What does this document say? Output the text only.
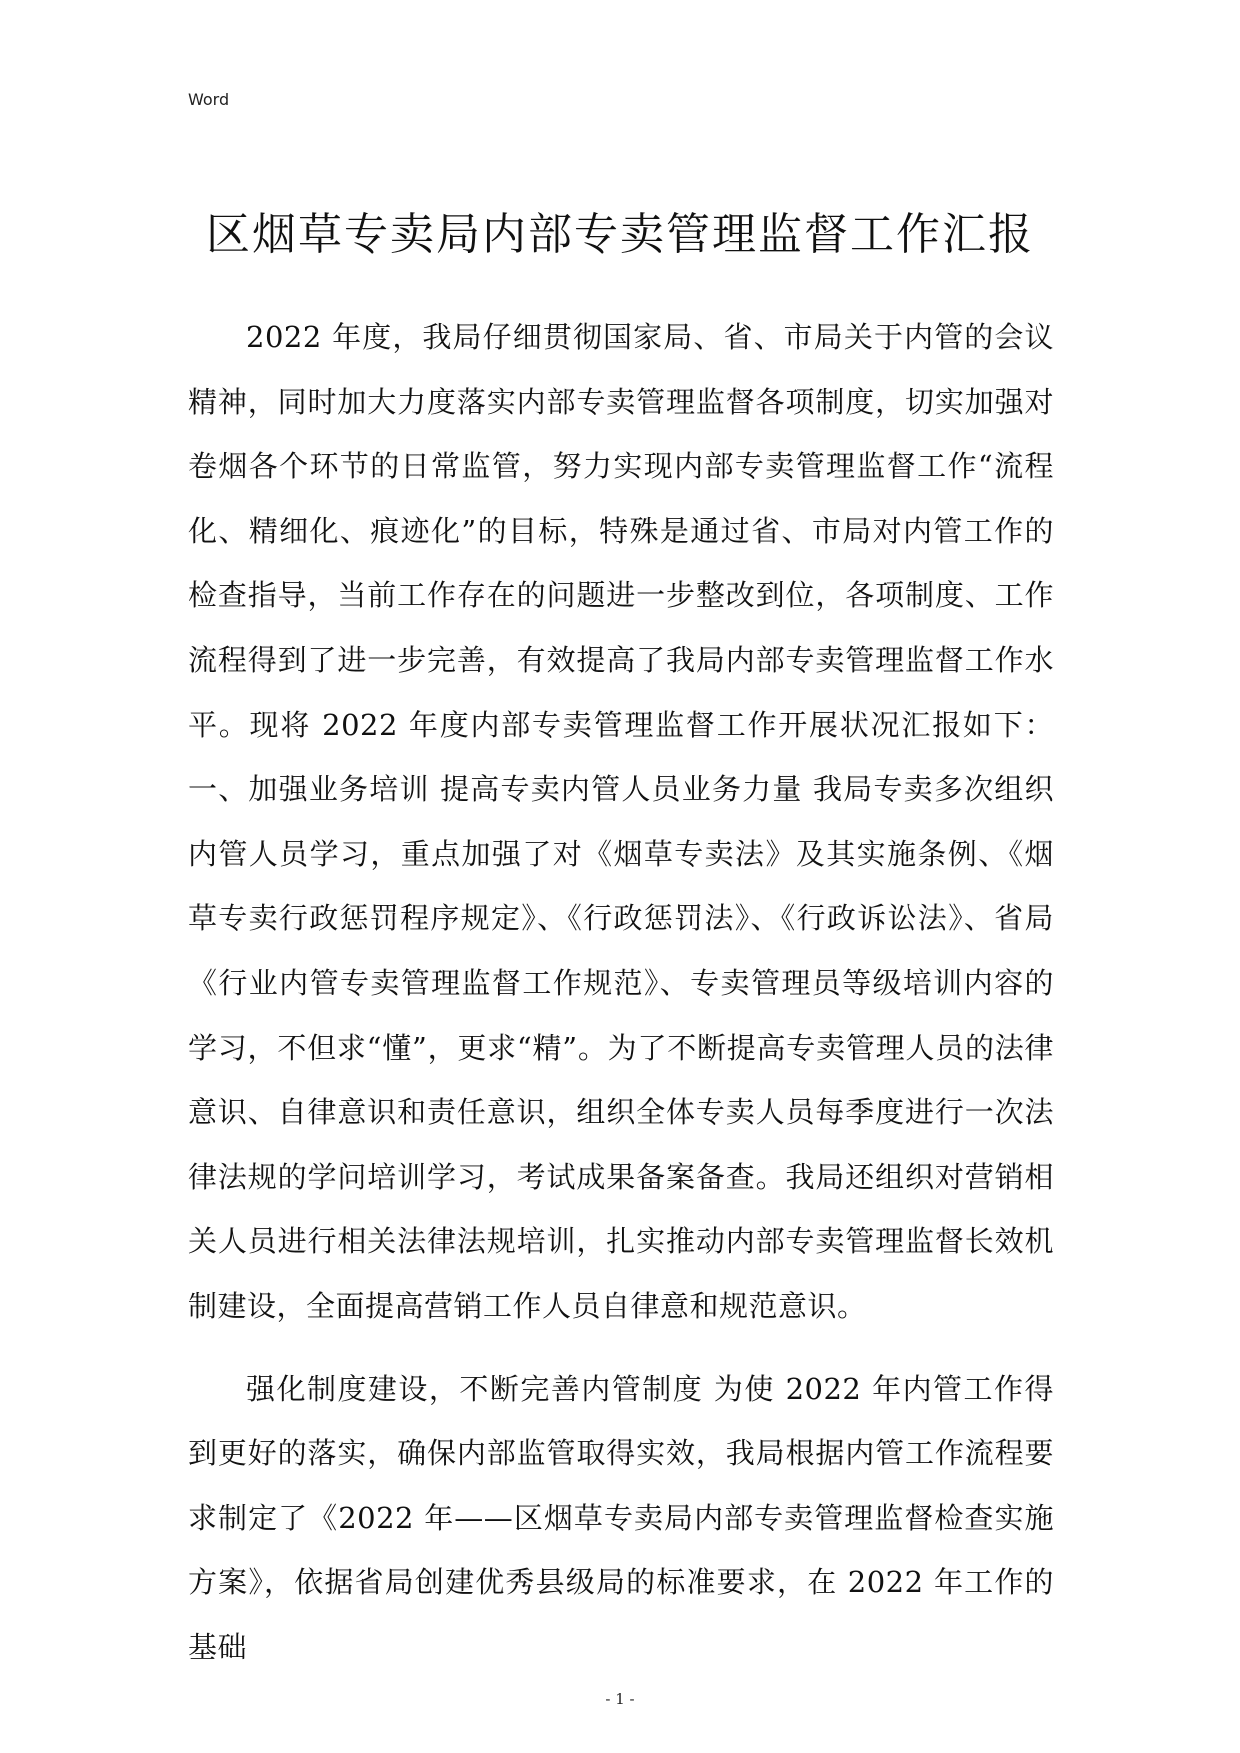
Word
区烟草专卖局内部专卖管理监督工作汇报

2022 年度，我局仔细贯彻国家局、省、市局关于内管的会议精神，同时加大力度落实内部专卖管理监督各项制度，切实加强对卷烟各个环节的日常监管，努力实现内部专卖管理监督工作“流程化、精细化、痕迹化”的目标，特殊是通过省、市局对内管工作的检查指导，当前工作存在的问题进一步整改到位，各项制度、工作流程得到了进一步完善，有效提高了我局内部专卖管理监督工作水平。现将 2022 年度内部专卖管理监督工作开展状况汇报如下： 一、加强业务培训 提高专卖内管人员业务力量 我局专卖多次组织内管人员学习，重点加强了对《烟草专卖法》及其实施条例、《烟草专卖行政惩罚程序规定》、《行政惩罚法》、《行政诉讼法》、省局《行业内管专卖管理监督工作规范》、专卖管理员等级培训内容的学习，不但求“懂”，更求“精”。为了不断提高专卖管理人员的法律意识、自律意识和责任意识，组织全体专卖人员每季度进行一次法律法规的学问培训学习，考试成果备案备查。我局还组织对营销相关人员进行相关法律法规培训，扎实推动内部专卖管理监督长效机制建设，全面提高营销工作人员自律意和规范意识。

强化制度建设，不断完善内管制度 为使 2022 年内管工作得到更好的落实，确保内部监管取得实效，我局根据内管工作流程要求制定了《2022 年——区烟草专卖局内部专卖管理监督检查实施方案》，依据省局创建优秀县级局的标准要求，在 2022 年工作的基础

- 1 -
